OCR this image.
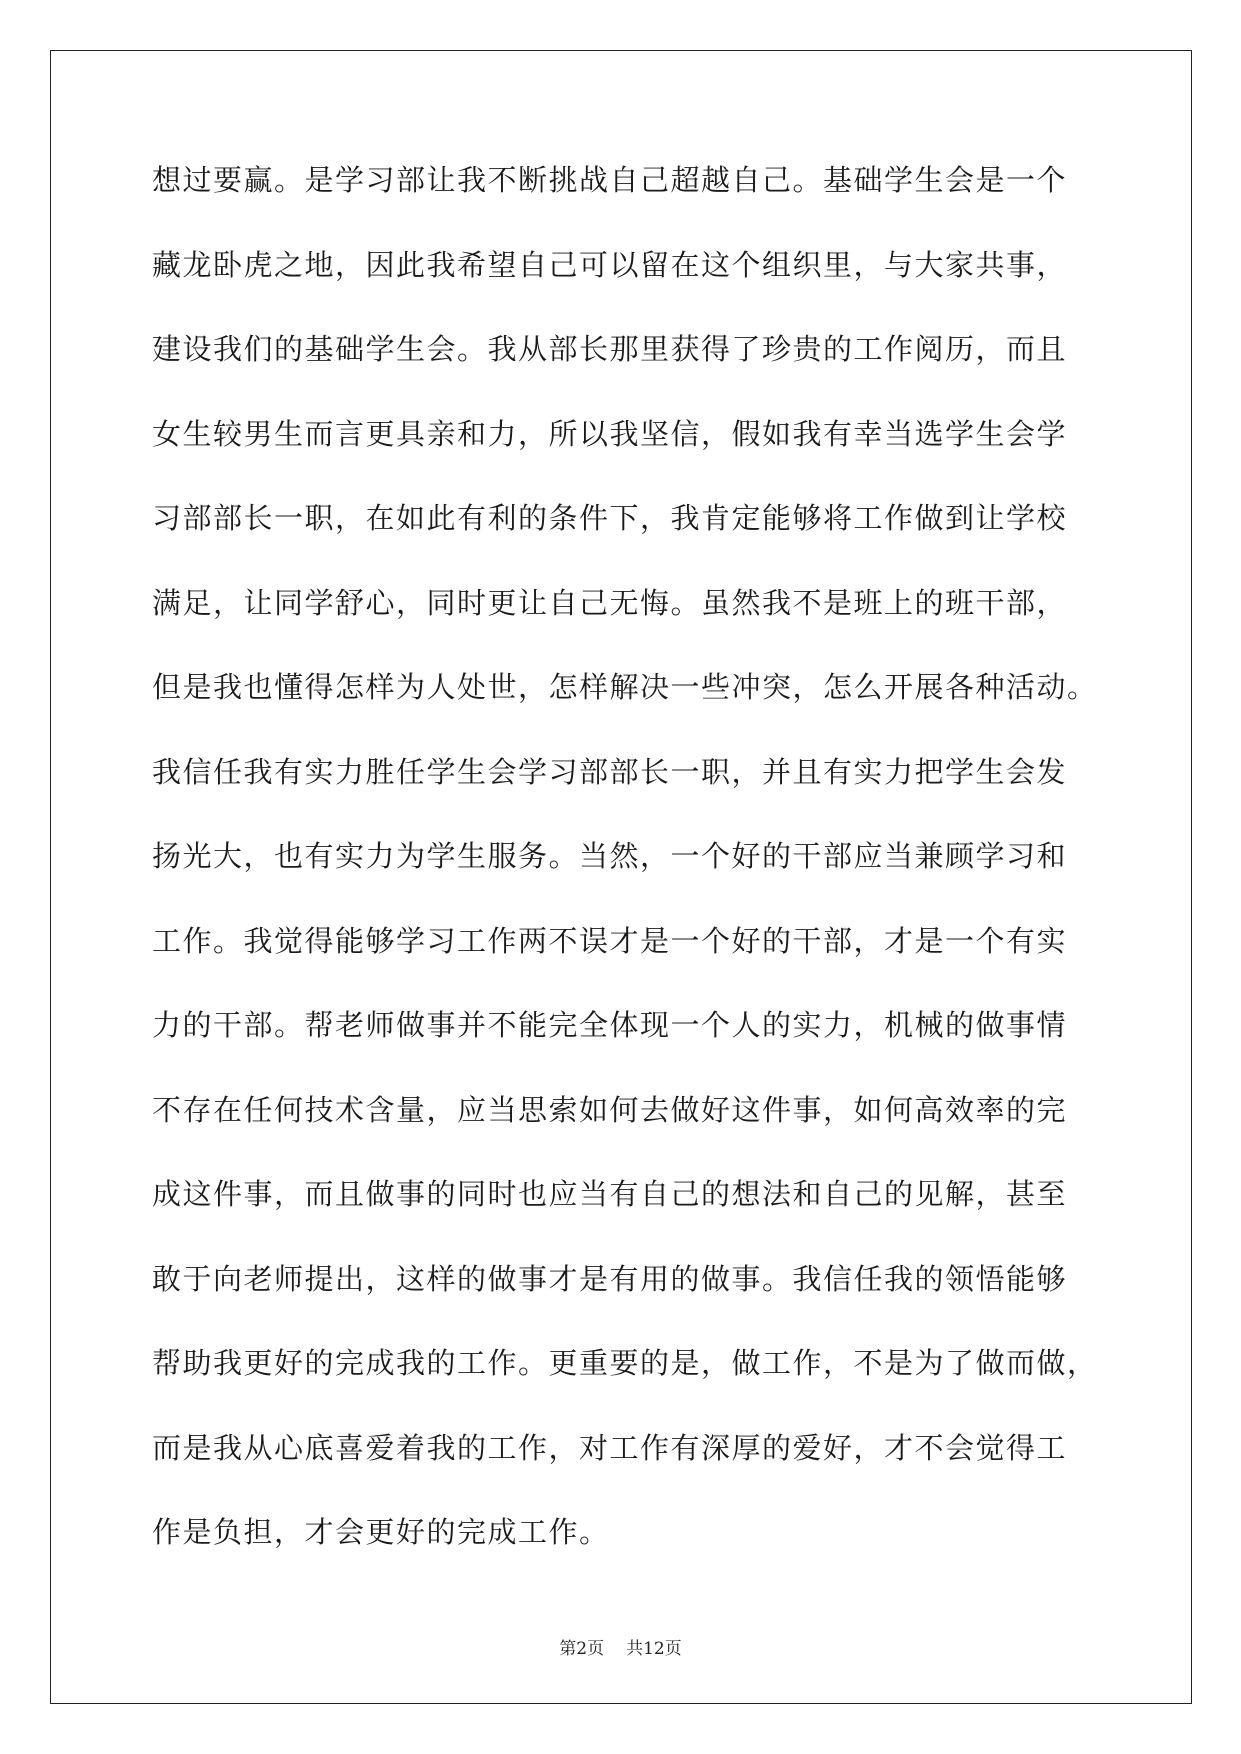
想过要赢。是学习部让我不断挑战自己超越自己。基础学生会是一个
藏龙卧虎之地，因此我希望自己可以留在这个组织里，与大家共事，
建设我们的基础学生会。我从部长那里获得了珍贵的工作阅历，而且
女生较男生而言更具亲和力，所以我坚信，假如我有幸当选学生会学
习部部长一职，在如此有利的条件下，我肯定能够将工作做到让学校
满足，让同学舒心，同时更让自己无悔。虽然我不是班上的班干部，
但是我也懂得怎样为人处世，怎样解决一些冲突，怎么开展各种活动。
我信任我有实力胜任学生会学习部部长一职，并且有实力把学生会发
扬光大，也有实力为学生服务。当然，一个好的干部应当兼顾学习和
工作。我觉得能够学习工作两不误才是一个好的干部，才是一个有实
力的干部。帮老师做事并不能完全体现一个人的实力，机械的做事情
不存在任何技术含量，应当思索如何去做好这件事，如何高效率的完
成这件事，而且做事的同时也应当有自己的想法和自己的见解，甚至
敢于向老师提出，这样的做事才是有用的做事。我信任我的领悟能够
帮助我更好的完成我的工作。更重要的是，做工作，不是为了做而做，
而是我从心底喜爱着我的工作，对工作有深厚的爱好，才不会觉得工
作是负担，才会更好的完成工作。
第2页 共12页
